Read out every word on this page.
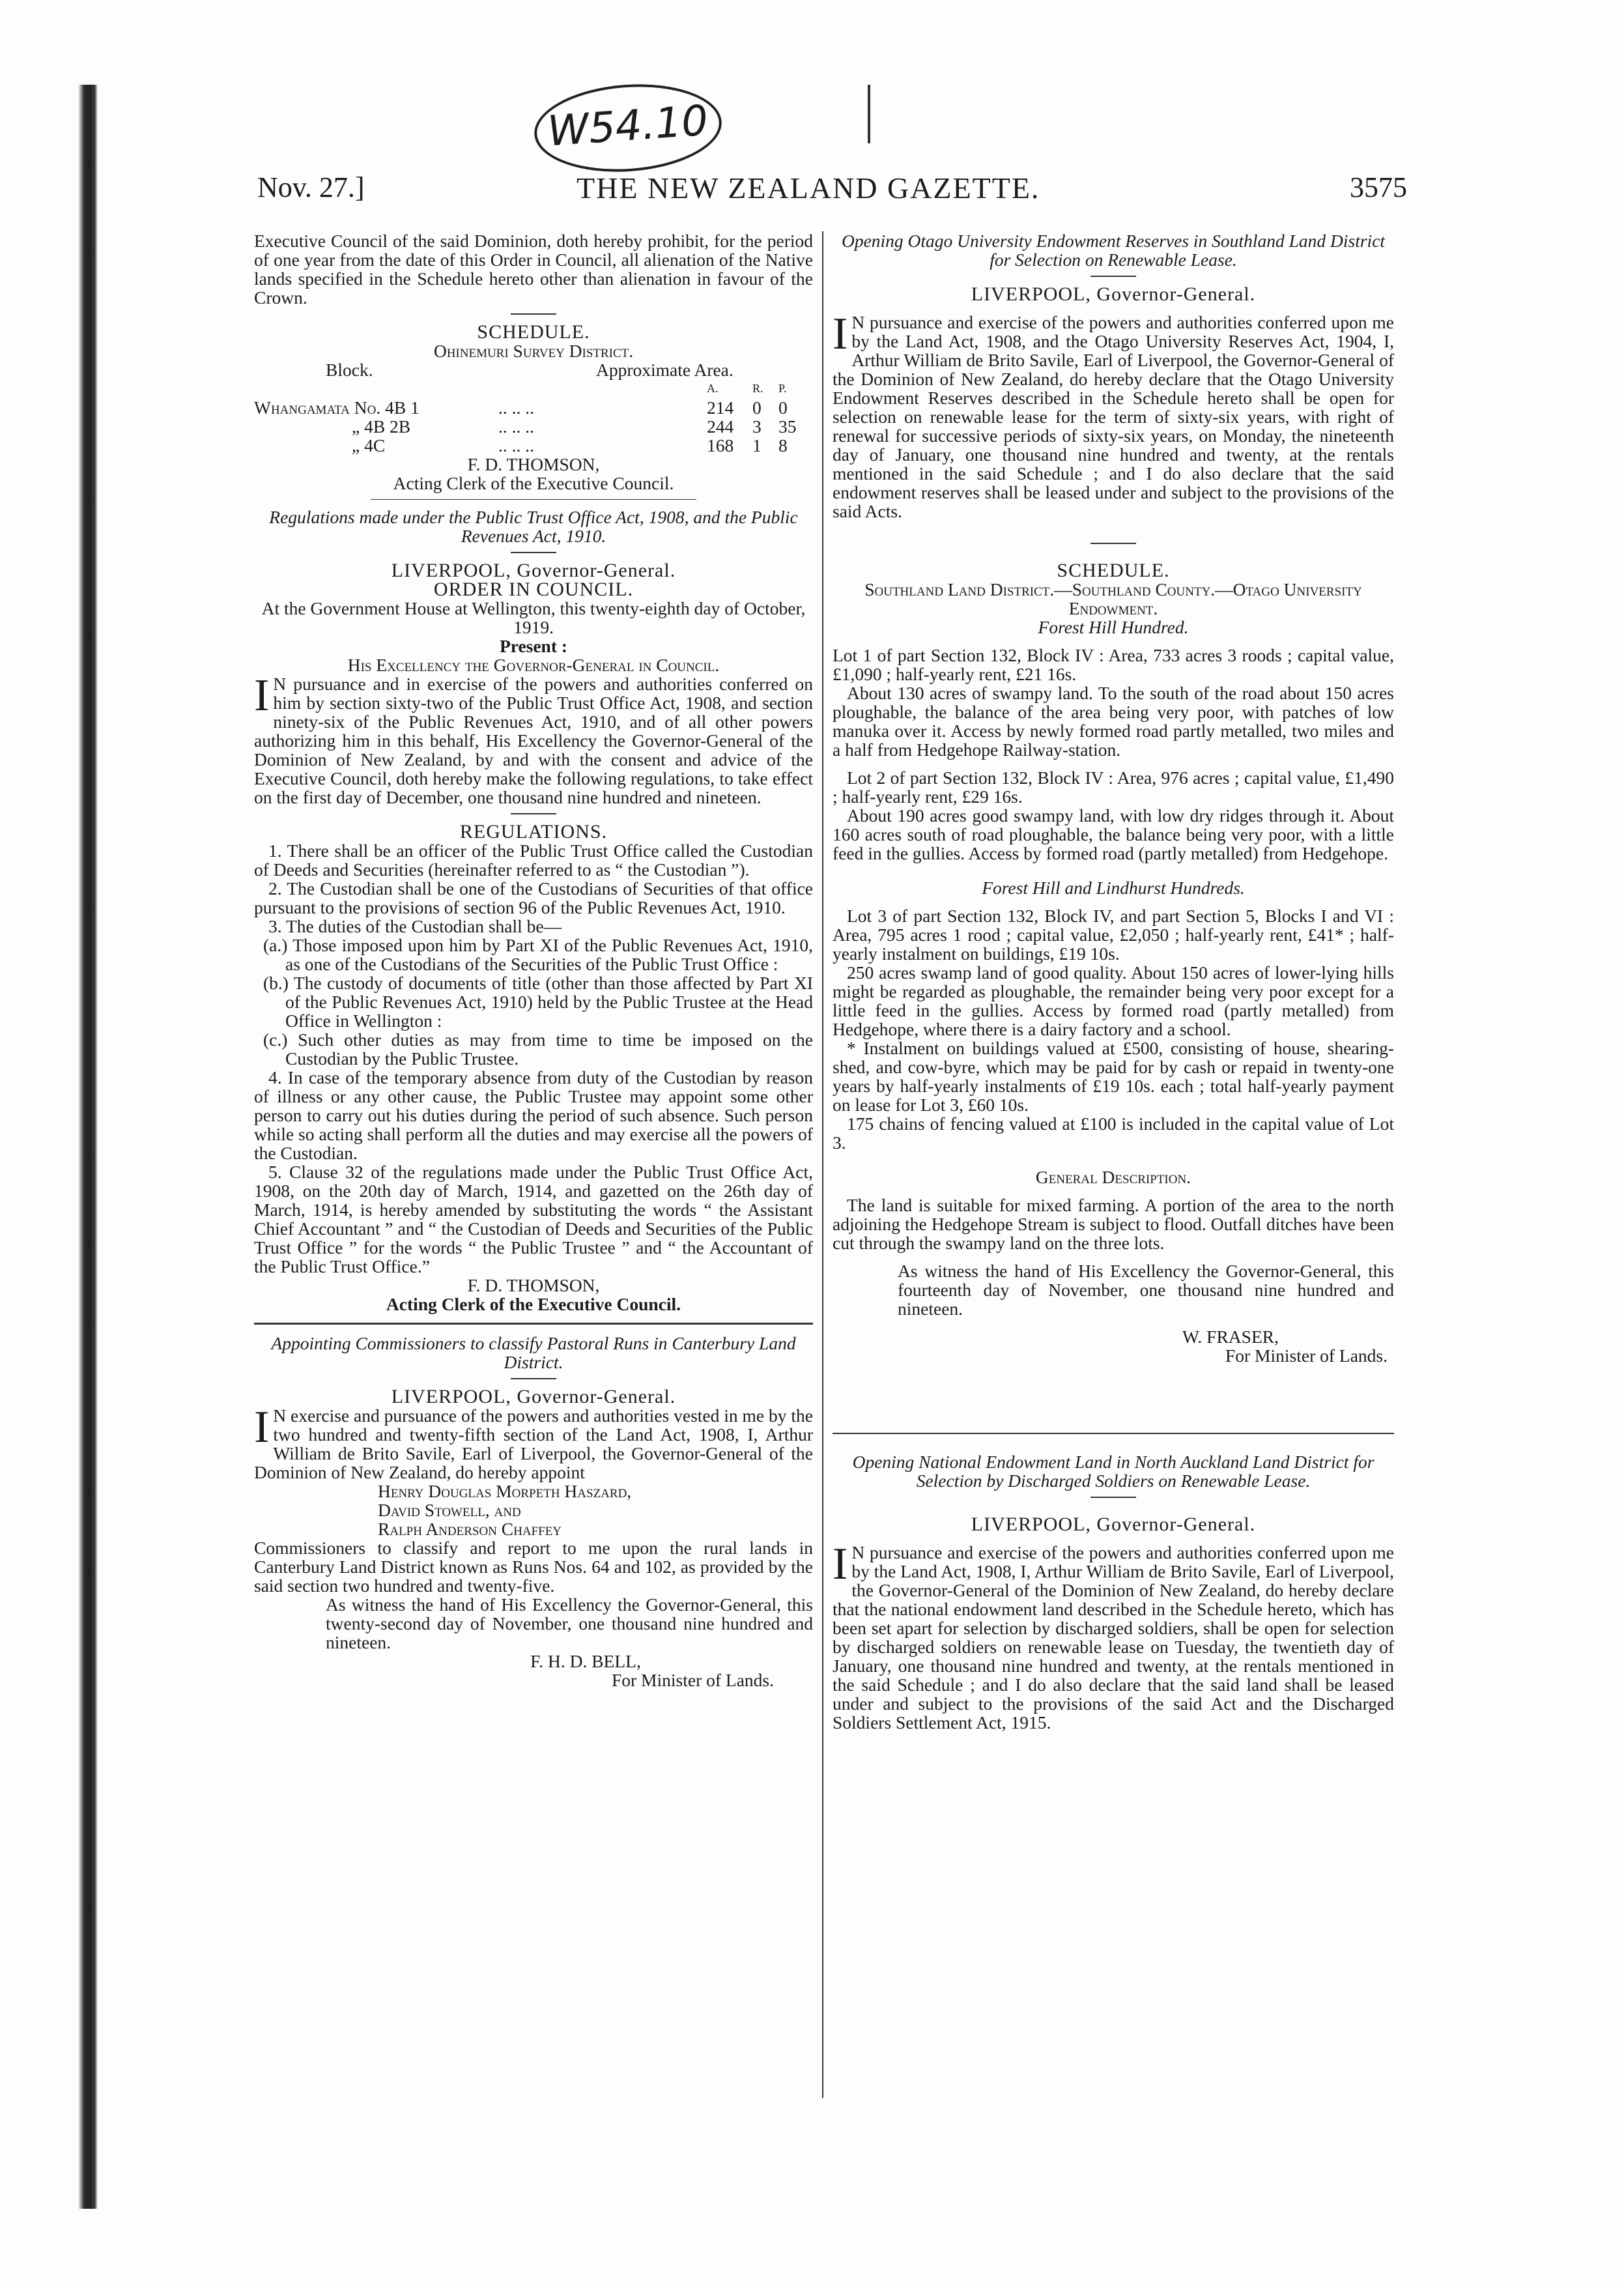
W54.10
Nov. 27.]	THE NEW ZEALAND GAZETTE.	3575

Executive Council of the said Dominion, doth hereby prohibit, for the period of one year from the date of this Order in Council, all alienation of the Native lands specified in the Schedule hereto other than alienation in favour of the Crown.

SCHEDULE.

Ohinemuri Survey District.

Block.	Approximate Area.
A.	R.	P.
Whangamata No. 4B 1	.. .. ..	214	0 0
„ 4B 2B	.. .. ..	244	3 35
„ 4C	.. .. ..	168	1 8

F. D. THOMSON,

Acting Clerk of the Executive Council.

Regulations made under the Public Trust Office Act, 1908, and the Public Revenues Act, 1910.

LIVERPOOL, Governor-General.

ORDER IN COUNCIL.

At the Government House at Wellington, this twenty-eighth day of October, 1919.

Present :

His Excellency the Governor-General in Council.

I N pursuance and in exercise of the powers and authorities conferred on him by section sixty-two of the Public Trust Office Act, 1908, and section ninety-six of the Public Revenues Act, 1910, and of all other powers authorizing him in this behalf, His Excellency the Governor-General of the Dominion of New Zealand, by and with the consent and advice of the Executive Council, doth hereby make the following regulations, to take effect on the first day of December, one thousand nine hundred and nineteen.

REGULATIONS.

1. There shall be an officer of the Public Trust Office called the Custodian of Deeds and Securities (hereinafter referred to as “ the Custodian ”).

2. The Custodian shall be one of the Custodians of Securities of that office pursuant to the provisions of section 96 of the Public Revenues Act, 1910.

3. The duties of the Custodian shall be—

(a.) Those imposed upon him by Part XI of the Public Revenues Act, 1910, as one of the Custodians of the Securities of the Public Trust Office :

(b.) The custody of documents of title (other than those affected by Part XI of the Public Revenues Act, 1910) held by the Public Trustee at the Head Office in Wellington :

(c.) Such other duties as may from time to time be imposed on the Custodian by the Public Trustee.

4. In case of the temporary absence from duty of the Custodian by reason of illness or any other cause, the Public Trustee may appoint some other person to carry out his duties during the period of such absence. Such person while so acting shall perform all the duties and may exercise all the powers of the Custodian.

5. Clause 32 of the regulations made under the Public Trust Office Act, 1908, on the 20th day of March, 1914, and gazetted on the 26th day of March, 1914, is hereby amended by substituting the words “ the Assistant Chief Accountant ” and “ the Custodian of Deeds and Securities of the Public Trust Office ” for the words “ the Public Trustee ” and “ the Accountant of the Public Trust Office.”

F. D. THOMSON,

Acting Clerk of the Executive Council.

Appointing Commissioners to classify Pastoral Runs in Canterbury Land District.

LIVERPOOL, Governor-General.

I N exercise and pursuance of the powers and authorities vested in me by the two hundred and twenty-fifth section of the Land Act, 1908, I, Arthur William de Brito Savile, Earl of Liverpool, the Governor-General of the Dominion of New Zealand, do hereby appoint

Henry Douglas Morpeth Haszard,

David Stowell, and

Ralph Anderson Chaffey

Commissioners to classify and report to me upon the rural lands in Canterbury Land District known as Runs Nos. 64 and 102, as provided by the said section two hundred and twenty-five.

As witness the hand of His Excellency the Governor-General, this twenty-second day of November, one thousand nine hundred and nineteen.

F. H. D. BELL,

For Minister of Lands.

Opening Otago University Endowment Reserves in Southland Land District for Selection on Renewable Lease.

LIVERPOOL, Governor-General.

I N pursuance and exercise of the powers and authorities conferred upon me by the Land Act, 1908, and the Otago University Reserves Act, 1904, I, Arthur William de Brito Savile, Earl of Liverpool, the Governor-General of the Dominion of New Zealand, do hereby declare that the Otago University Endowment Reserves described in the Schedule hereto shall be open for selection on renewable lease for the term of sixty-six years, with right of renewal for successive periods of sixty-six years, on Monday, the nineteenth day of January, one thousand nine hundred and twenty, at the rentals mentioned in the said Schedule ; and I do also declare that the said endowment reserves shall be leased under and subject to the provisions of the said Acts.

SCHEDULE.

Southland Land District.—Southland County.—Otago University Endowment.

Forest Hill Hundred.

Lot 1 of part Section 132, Block IV : Area, 733 acres 3 roods ; capital value, £1,090 ; half-yearly rent, £21 16s.

About 130 acres of swampy land. To the south of the road about 150 acres ploughable, the balance of the area being very poor, with patches of low manuka over it. Access by newly formed road partly metalled, two miles and a half from Hedgehope Railway-station.

Lot 2 of part Section 132, Block IV : Area, 976 acres ; capital value, £1,490 ; half-yearly rent, £29 16s.

About 190 acres good swampy land, with low dry ridges through it. About 160 acres south of road ploughable, the balance being very poor, with a little feed in the gullies. Access by formed road (partly metalled) from Hedgehope.

Forest Hill and Lindhurst Hundreds.

Lot 3 of part Section 132, Block IV, and part Section 5, Blocks I and VI : Area, 795 acres 1 rood ; capital value, £2,050 ; half-yearly rent, £41* ; half-yearly instalment on buildings, £19 10s.

250 acres swamp land of good quality. About 150 acres of lower-lying hills might be regarded as ploughable, the remainder being very poor except for a little feed in the gullies. Access by formed road (partly metalled) from Hedgehope, where there is a dairy factory and a school.

* Instalment on buildings valued at £500, consisting of house, shearing-shed, and cow-byre, which may be paid for by cash or repaid in twenty-one years by half-yearly instalments of £19 10s. each ; total half-yearly payment on lease for Lot 3, £60 10s.

175 chains of fencing valued at £100 is included in the capital value of Lot 3.

General Description.

The land is suitable for mixed farming. A portion of the area to the north adjoining the Hedgehope Stream is subject to flood. Outfall ditches have been cut through the swampy land on the three lots.

As witness the hand of His Excellency the Governor-General, this fourteenth day of November, one thousand nine hundred and nineteen.

W. FRASER,

For Minister of Lands.

Opening National Endowment Land in North Auckland Land District for Selection by Discharged Soldiers on Renewable Lease.

LIVERPOOL, Governor-General.

I N pursuance and exercise of the powers and authorities conferred upon me by the Land Act, 1908, I, Arthur William de Brito Savile, Earl of Liverpool, the Governor-General of the Dominion of New Zealand, do hereby declare that the national endowment land described in the Schedule hereto, which has been set apart for selection by discharged soldiers, shall be open for selection by discharged soldiers on renewable lease on Tuesday, the twentieth day of January, one thousand nine hundred and twenty, at the rentals mentioned in the said Schedule ; and I do also declare that the said land shall be leased under and subject to the provisions of the said Act and the Discharged Soldiers Settlement Act, 1915.
